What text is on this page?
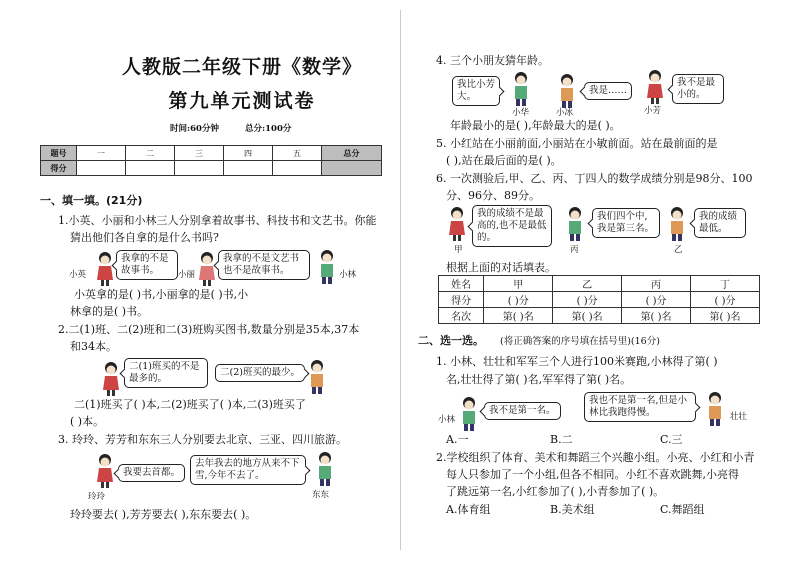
人教版二年级下册《数学》
第九单元测试卷
时间:60分钟	总分:100分
题号	一	二	三	四	五	总分
得分						
一、填一填。(21分)
1.小英、小丽和小林三人分别拿着故事书、科技书和文艺书。你能
猜出他们各自拿的是什么书吗?
小英
我拿的不是故事书。	小丽
我拿的不是文艺书也不是故事书。	小林
小英拿的是( )书,小丽拿的是( )书,小
林拿的是( )书。
2.二(1)班、二(2)班和二(3)班购买图书,数量分别是35本,37本
和34本。
二(1)班买的不是最多的。
二(2)班买的最少。
二(1)班买了( )本,二(2)班买了( )本,二(3)班买了
( )本。
3. 玲玲、芳芳和东东三人分别要去北京、三亚、四川旅游。
我要去首都。
玲玲
去年我去的地方从来不下雪,今年不去了。
东东
玲玲要去( ),芳芳要去( ),东东要去( )。
4. 三个小朋友猜年龄。
我比小芳大。
小华	小冰
我是……
小芳
我不是最小的。
年龄最小的是( ),年龄最大的是( )。
5. 小红站在小丽前面,小丽站在小敏前面。站在最前面的是
( ),站在最后面的是( )。
6. 一次测验后,甲、乙、丙、丁四人的数学成绩分别是98分、100
分、96分、89分。
甲
我的成绩不是最高的,也不是最低的。
丙
我们四个中,我是第三名。
乙
我的成绩最低。
根据上面的对话填表。
姓名	甲	乙	丙	丁
得分	( )分	( )分	( )分	( )分
名次	第( )名	第( )名	第( )名	第( )名
二、选一选。 (将正确答案的序号填在括号里)(16分)
1. 小林、壮壮和军军三个人进行100米赛跑,小林得了第( )
名,壮壮得了第( )名,军军得了第( )名。
小林
我不是第一名。
我也不是第一名,但是小林比我跑得慢。	壮壮
A.一	B.二	C.三
2.学校组织了体育、美术和舞蹈三个兴趣小组。小亮、小红和小青
每人只参加了一个小组,但各不相同。小红不喜欢跳舞,小亮得
了跳远第一名,小红参加了( ),小青参加了( )。
A.体育组	B.美术组	C.舞蹈组
